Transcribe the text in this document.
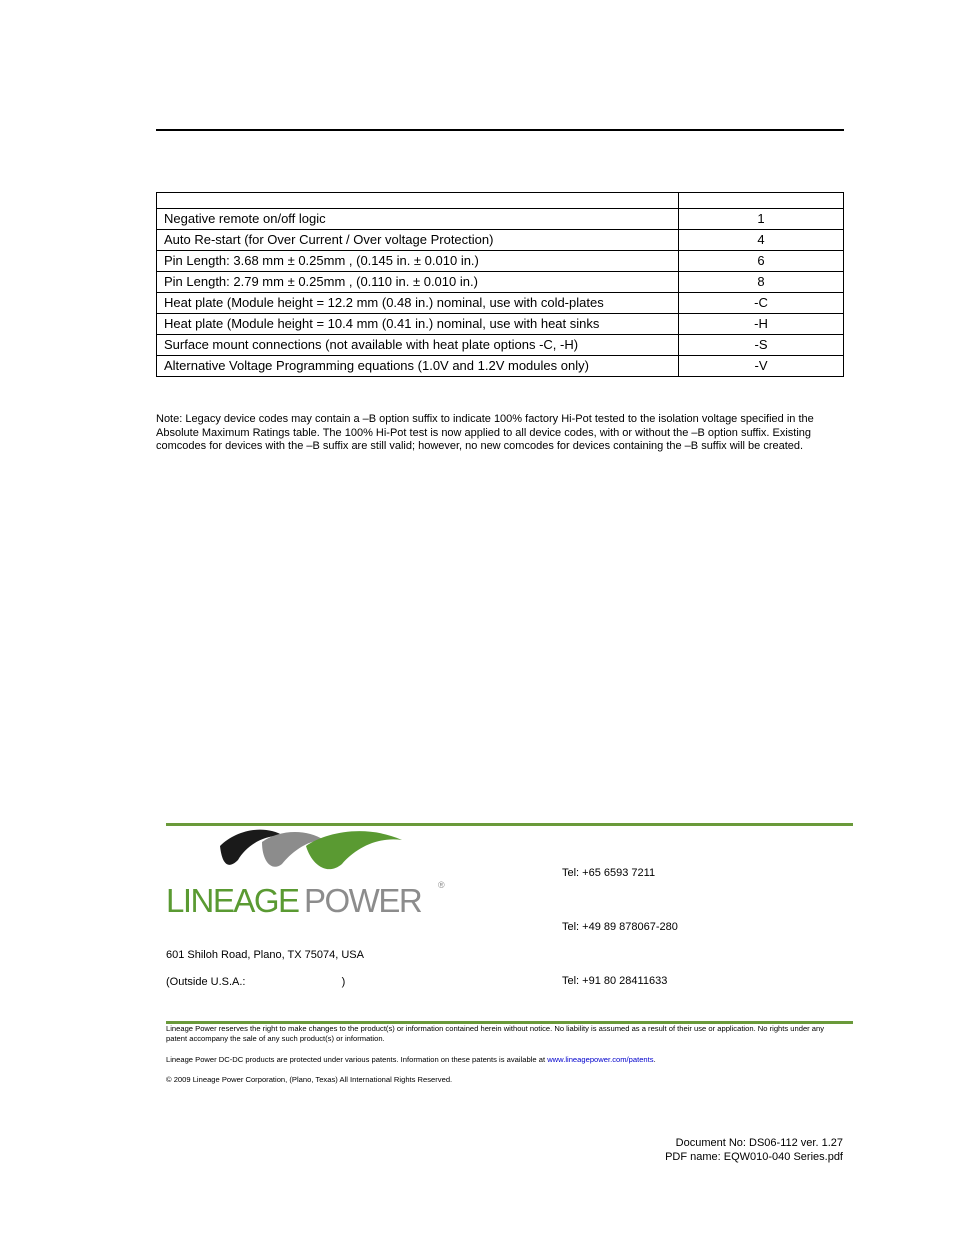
Negative remote on/off logic	1
Auto Re-start (for Over Current / Over voltage Protection)	4
Pin Length: 3.68 mm ± 0.25mm , (0.145 in. ± 0.010 in.)	6
Pin Length: 2.79 mm ± 0.25mm , (0.110 in. ± 0.010 in.)	8
Heat plate (Module height = 12.2 mm (0.48 in.) nominal, use with cold-plates	-C
Heat plate (Module height = 10.4 mm (0.41 in.) nominal, use with heat sinks	-H
Surface mount connections (not available with heat plate options -C, -H)	-S
Alternative Voltage Programming equations (1.0V and 1.2V modules only)	-V
Note: Legacy device codes may contain a –B option suffix to indicate 100% factory Hi-Pot tested to the isolation voltage specified in the Absolute Maximum Ratings table. The 100% Hi-Pot test is now applied to all device codes, with or without the –B option suffix. Existing comcodes for devices with the –B suffix are still valid; however, no new comcodes for devices containing the –B suffix will be created.
LINEAGE POWER ®
601 Shiloh Road, Plano, TX 75074, USA
(Outside U.S.A.:	)
Tel: +65 6593 7211
Tel: +49 89 878067-280
Tel: +91 80 28411633
Lineage Power reserves the right to make changes to the product(s) or information contained herein without notice. No liability is assumed as a result of their use or application. No rights under any patent accompany the sale of any such product(s) or information.
Lineage Power DC-DC products are protected under various patents. Information on these patents is available at www.lineagepower.com/patents.
© 2009 Lineage Power Corporation, (Plano, Texas) All International Rights Reserved.
Document No: DS06-112 ver. 1.27
PDF name: EQW010-040 Series.pdf
